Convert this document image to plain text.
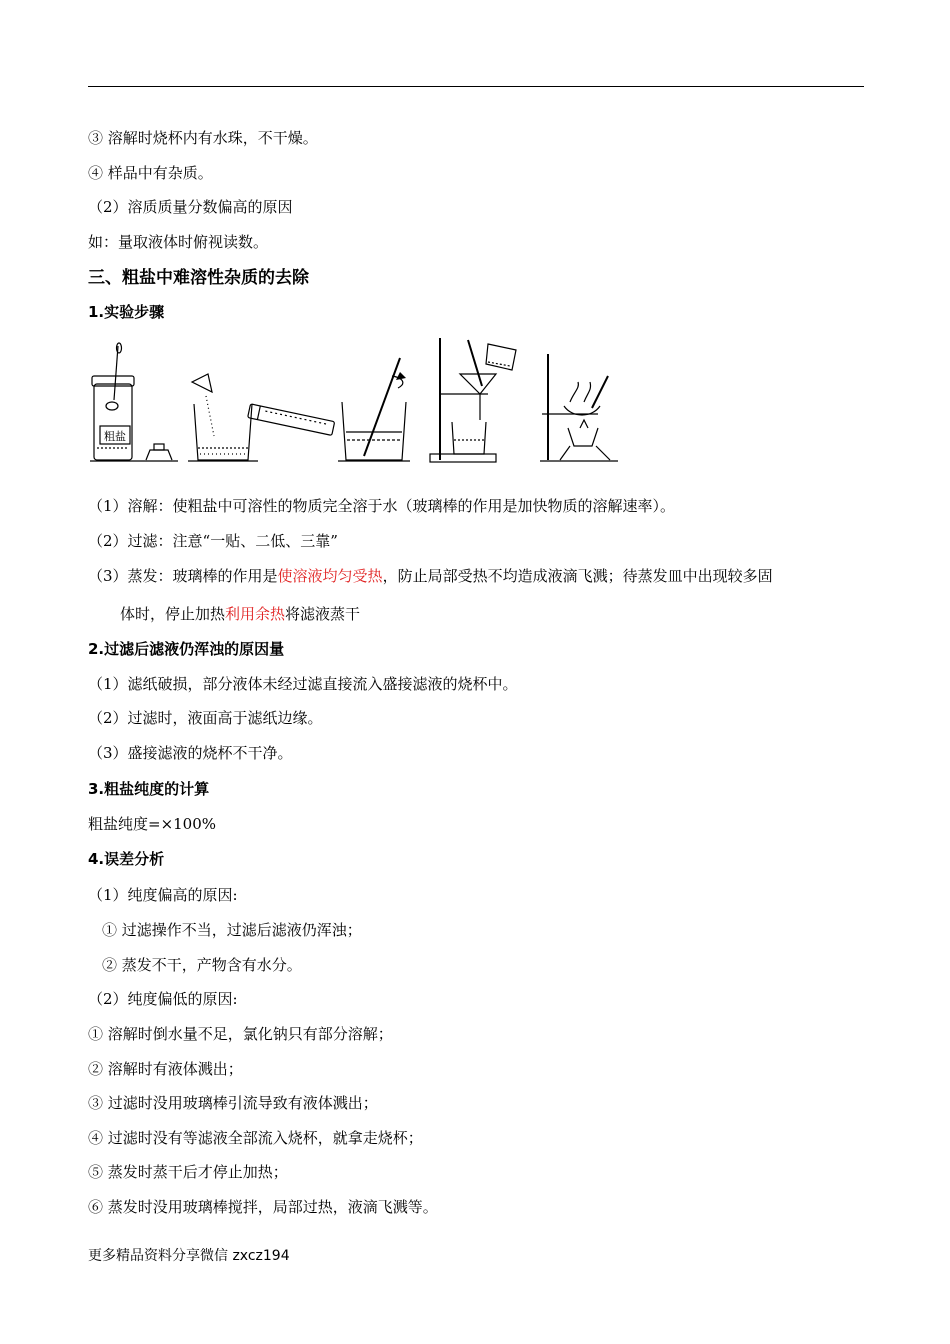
③ 溶解时烧杯内有水珠，不干燥。
④ 样品中有杂质。
（2）溶质质量分数偏高的原因
如：量取液体时俯视读数。
三、粗盐中难溶性杂质的去除
1.实验步骤
粗盐
（1）溶解：使粗盐中可溶性的物质完全溶于水（玻璃棒的作用是加快物质的溶解速率）。
（2）过滤：注意“一贴、二低、三靠”
（3）蒸发：玻璃棒的作用是使溶液均匀受热，防止局部受热不均造成液滴飞溅；待蒸发皿中出现较多固
体时，停止加热利用余热将滤液蒸干
2.过滤后滤液仍浑浊的原因量
（1）滤纸破损，部分液体未经过滤直接流入盛接滤液的烧杯中。
（2）过滤时，液面高于滤纸边缘。
（3）盛接滤液的烧杯不干净。
3.粗盐纯度的计算
粗盐纯度=×100%
4.误差分析
（1）纯度偏高的原因:
① 过滤操作不当，过滤后滤液仍浑浊；
② 蒸发不干，产物含有水分。
（2）纯度偏低的原因:
① 溶解时倒水量不足，氯化钠只有部分溶解；
② 溶解时有液体溅出；
③ 过滤时没用玻璃棒引流导致有液体溅出；
④ 过滤时没有等滤液全部流入烧杯，就拿走烧杯；
⑤ 蒸发时蒸干后才停止加热；
⑥ 蒸发时没用玻璃棒搅拌，局部过热，液滴飞溅等。
更多精品资料分享微信 zxcz194
